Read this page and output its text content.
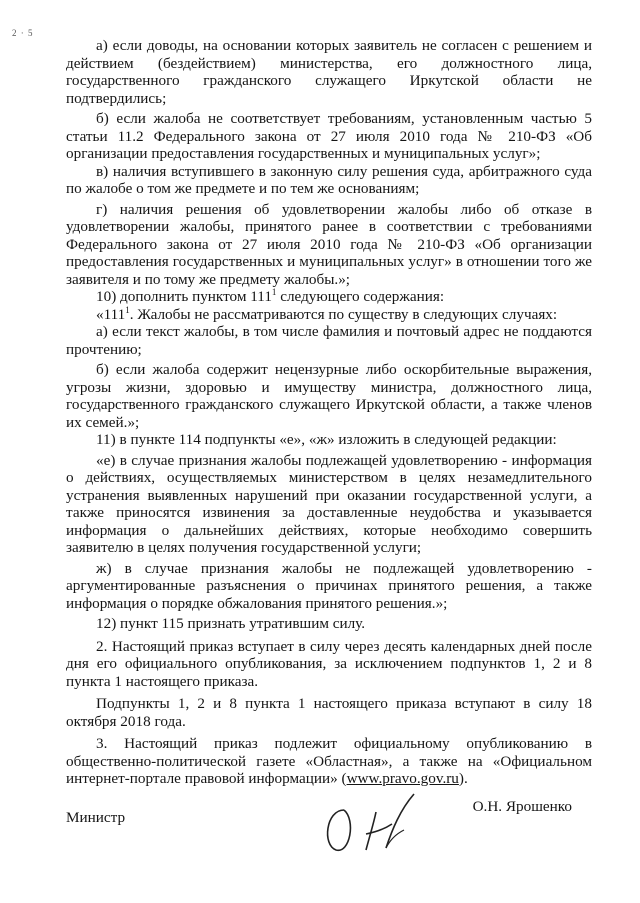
2 · 5

а) если доводы, на основании которых заявитель не согласен с решением и действием (бездействием) министерства, его должностного лица, государственного гражданского служащего Иркутской области не подтвердились;

б) если жалоба не соответствует требованиям, установленным частью 5 статьи 11.2 Федерального закона от 27 июля 2010 года № 210-ФЗ «Об организации предоставления государственных и муниципальных услуг»;

в) наличия вступившего в законную силу решения суда, арбитражного суда по жалобе о том же предмете и по тем же основаниям;

г) наличия решения об удовлетворении жалобы либо об отказе в удовлетворении жалобы, принятого ранее в соответствии с требованиями Федерального закона от 27 июля 2010 года № 210-ФЗ «Об организации предоставления государственных и муниципальных услуг» в отношении того же заявителя и по тому же предмету жалобы.»;

10) дополнить пунктом $111^1$ следующего содержания:

«$111^1$. Жалобы не рассматриваются по существу в следующих случаях:

а) если текст жалобы, в том числе фамилия и почтовый адрес не поддаются прочтению;

б) если жалоба содержит нецензурные либо оскорбительные выражения, угрозы жизни, здоровью и имуществу министра, должностного лица, государственного гражданского служащего Иркутской области, а также членов их семей.»;

11) в пункте 114 подпункты «е», «ж» изложить в следующей редакции:

«е) в случае признания жалобы подлежащей удовлетворению - информация о действиях, осуществляемых министерством в целях незамедлительного устранения выявленных нарушений при оказании государственной услуги, а также приносятся извинения за доставленные неудобства и указывается информация о дальнейших действиях, которые необходимо совершить заявителю в целях получения государственной услуги;

ж) в случае признания жалобы не подлежащей удовлетворению - аргументированные разъяснения о причинах принятого решения, а также информация о порядке обжалования принятого решения.»;

12) пункт 115 признать утратившим силу.

2. Настоящий приказ вступает в силу через десять календарных дней после дня его официального опубликования, за исключением подпунктов 1, 2 и 8 пункта 1 настоящего приказа.

Подпункты 1, 2 и 8 пункта 1 настоящего приказа вступают в силу 18 октября 2018 года.

3. Настоящий приказ подлежит официальному опубликованию в общественно-политической газете «Областная», а также на «Официальном интернет-портале правовой информации» (www.pravo.gov.ru).

Министр
О.Н. Ярошенко
